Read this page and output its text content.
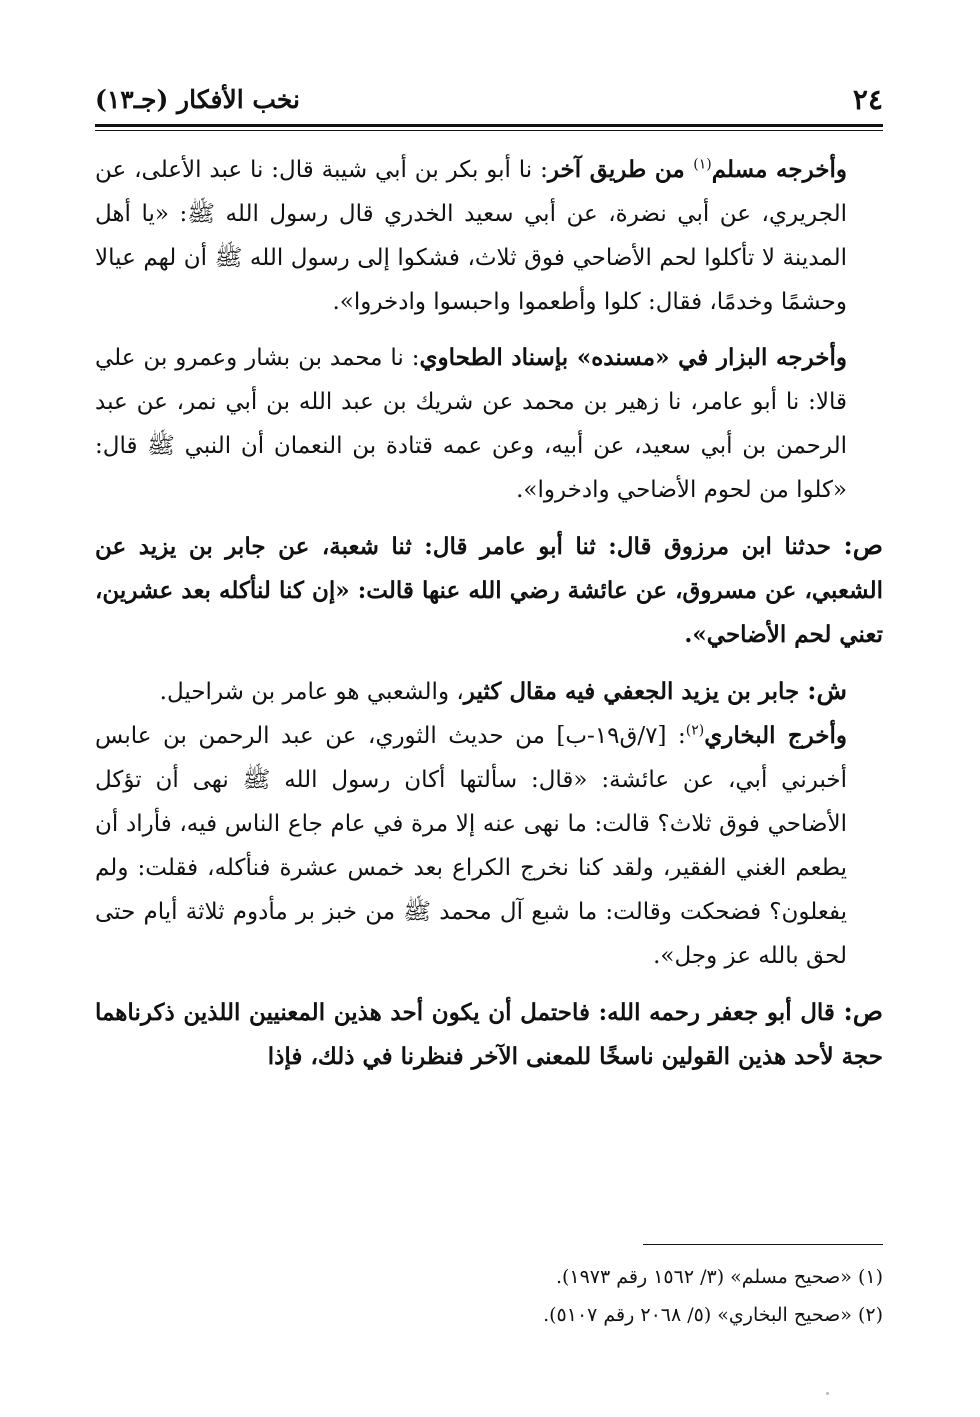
٢٤
نخب الأفكار (جـ١٣)

وأخرجه مسلم$^{(١)}$ من طريق آخر: نا أبو بكر بن أبي شيبة قال: نا عبد الأعلى، عن الجريري، عن أبي نضرة، عن أبي سعيد الخدري قال رسول الله ﷺ: «يا أهل المدينة لا تأكلوا لحم الأضاحي فوق ثلاث، فشكوا إلى رسول الله ﷺ أن لهم عيالا وحشمًا وخدمًا، فقال: كلوا وأطعموا واحبسوا وادخروا».

وأخرجه البزار في «مسنده» بإسناد الطحاوي: نا محمد بن بشار وعمرو بن علي قالا: نا أبو عامر، نا زهير بن محمد عن شريك بن عبد الله بن أبي نمر، عن عبد الرحمن بن أبي سعيد، عن أبيه، وعن عمه قتادة بن النعمان أن النبي ﷺ قال: «كلوا من لحوم الأضاحي وادخروا».

ص: حدثنا ابن مرزوق قال: ثنا أبو عامر قال: ثنا شعبة، عن جابر بن يزيد عن الشعبي، عن مسروق، عن عائشة رضي الله عنها قالت: «إن كنا لنأكله بعد عشرين، تعني لحم الأضاحي».

ش: جابر بن يزيد الجعفي فيه مقال كثير، والشعبي هو عامر بن شراحيل.

وأخرج البخاري$^{(٢)}$: [٧/ق١٩-ب] من حديث الثوري، عن عبد الرحمن بن عابس أخبرني أبي، عن عائشة: «قال: سألتها أكان رسول الله ﷺ نهى أن تؤكل الأضاحي فوق ثلاث؟ قالت: ما نهى عنه إلا مرة في عام جاع الناس فيه، فأراد أن يطعم الغني الفقير، ولقد كنا نخرج الكراع بعد خمس عشرة فنأكله، فقلت: ولم يفعلون؟ فضحكت وقالت: ما شبع آل محمد ﷺ من خبز بر مأدوم ثلاثة أيام حتى لحق بالله عز وجل».

ص: قال أبو جعفر رحمه الله: فاحتمل أن يكون أحد هذين المعنيين اللذين ذكرناهما حجة لأحد هذين القولين ناسخًا للمعنى الآخر فنظرنا في ذلك، فإذا

(١) «صحيح مسلم» (٣/ ١٥٦٢ رقم ١٩٧٣).

(٢) «صحيح البخاري» (٥/ ٢٠٦٨ رقم ٥١٠٧).
